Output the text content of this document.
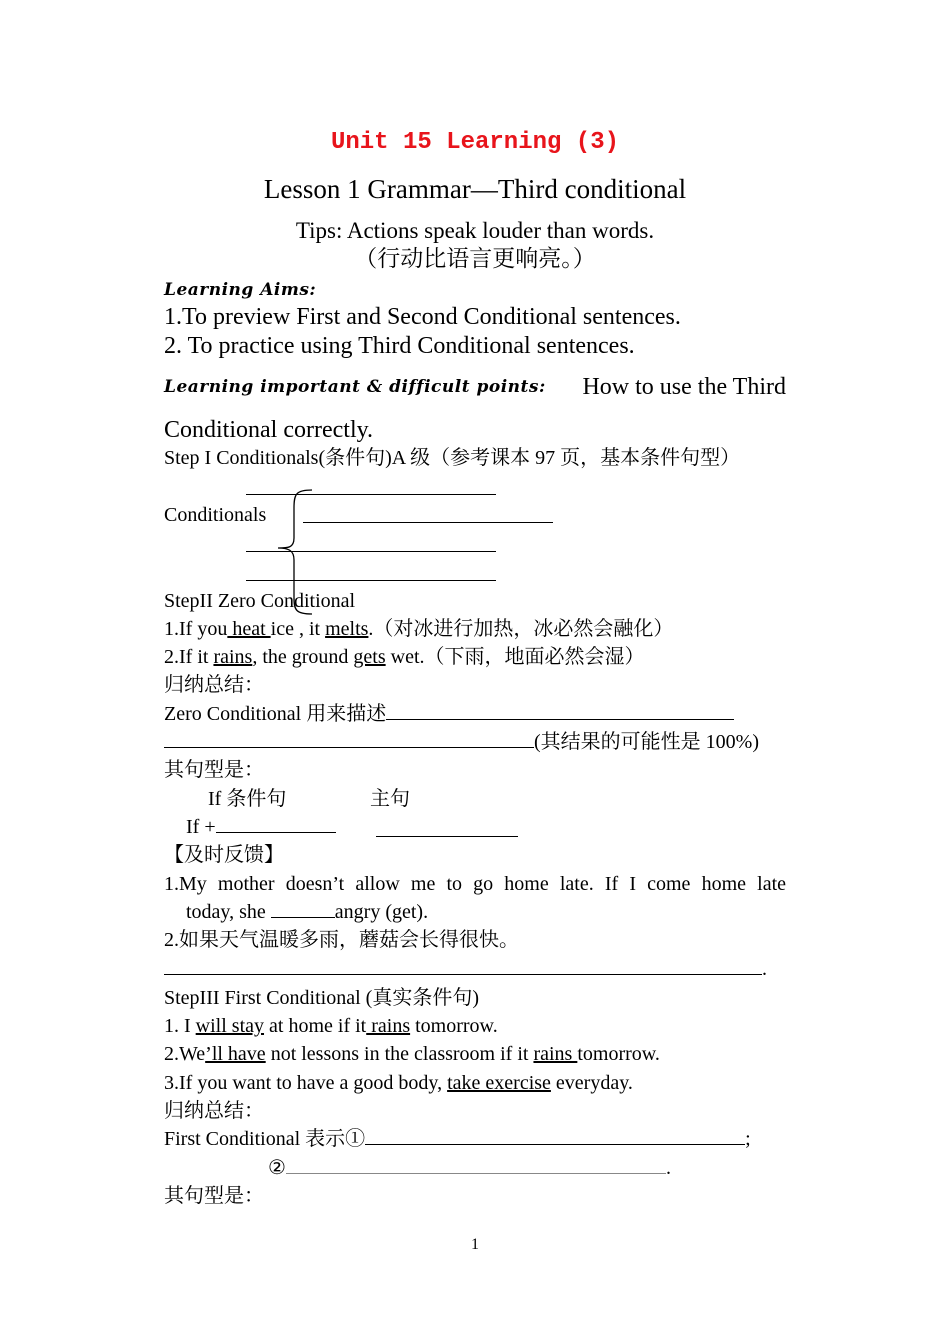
Unit 15 Learning (3)
Lesson 1 Grammar—Third conditional
Tips: Actions speak louder than words.
（行动比语言更响亮。）
Learning Aims:
1.To preview First and Second Conditional sentences.
2. To practice using Third Conditional sentences.
Learning important & difficult points: How to use the Third
Conditional correctly.
Step I Conditionals(条件句)A 级（参考课本 97 页，基本条件句型）
Conditionals
StepII Zero Conditional
1.If you heat ice , it melts.（对冰进行加热，冰必然会融化）
2.If it rains, the ground gets wet.（下雨，地面必然会湿）
归纳总结：
Zero Conditional 用来描述
(其结果的可能性是 100%)
其句型是：
If 条件句	主句
If +
【及时反馈】
1.My mother doesn’t allow me to go home late. If I come home late
today, she	angry (get).
2.如果天气温暖多雨，蘑菇会长得很快。
.
StepIII First Conditional (真实条件句)
1. I will stay at home if it rains tomorrow.
2.We’ll have not lessons in the classroom if it rains tomorrow.
3.If you want to have a good body, take exercise everyday.
归纳总结：
First Conditional 表示①	;
②	.
其句型是：
1
